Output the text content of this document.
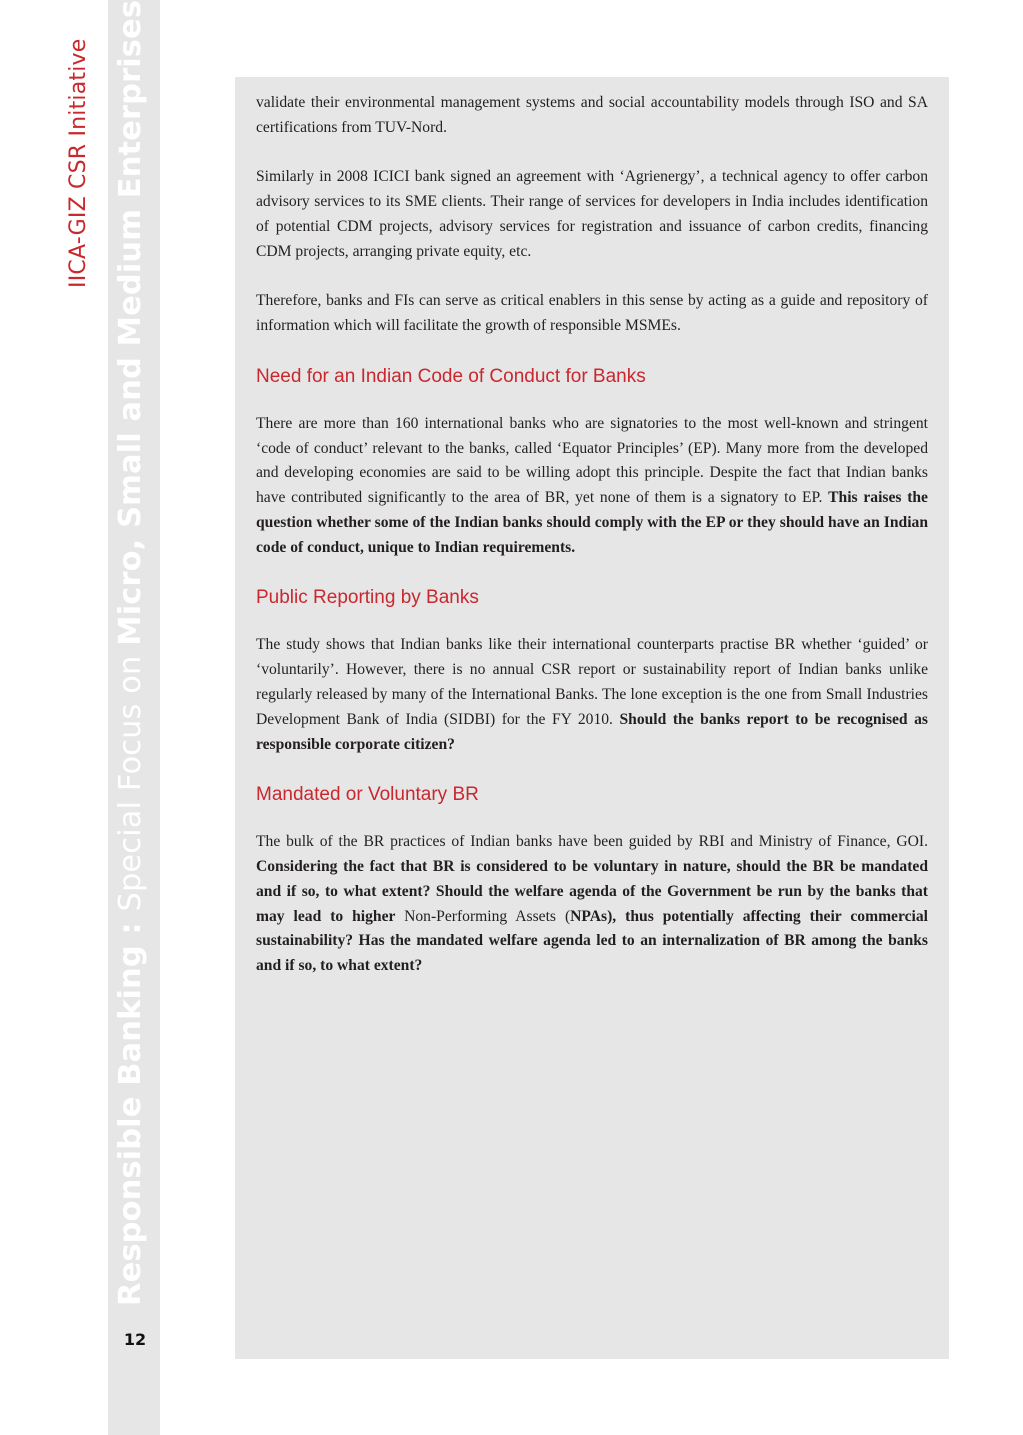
IICA-GIZ CSR Initiative
Responsible Banking : Special Focus on Micro, Small and Medium Enterprises
12

validate their environmental management systems and social accountability models through ISO and SA certifications from TUV-Nord.

Similarly in 2008 ICICI bank signed an agreement with ‘Agrienergy’, a technical agency to offer carbon advisory services to its SME clients. Their range of services for developers in India includes identification of potential CDM projects, advisory services for registration and issuance of carbon credits, financing CDM projects, arranging private equity, etc.

Therefore, banks and FIs can serve as critical enablers in this sense by acting as a guide and repository of information which will facilitate the growth of responsible MSMEs.

Need for an Indian Code of Conduct for Banks

There are more than 160 international banks who are signatories to the most well-known and stringent ‘code of conduct’ relevant to the banks, called ‘Equator Principles’ (EP). Many more from the developed and developing economies are said to be willing adopt this principle. Despite the fact that Indian banks have contributed significantly to the area of BR, yet none of them is a signatory to EP. This raises the question whether some of the Indian banks should comply with the EP or they should have an Indian code of conduct, unique to Indian requirements.

Public Reporting by Banks

The study shows that Indian banks like their international counterparts practise BR whether ‘guided’ or ‘voluntarily’. However, there is no annual CSR report or sustainability report of Indian banks unlike regularly released by many of the International Banks. The lone exception is the one from Small Industries Development Bank of India (SIDBI) for the FY 2010. Should the banks report to be recognised as responsible corporate citizen?

Mandated or Voluntary BR

The bulk of the BR practices of Indian banks have been guided by RBI and Ministry of Finance, GOI. Considering the fact that BR is considered to be voluntary in nature, should the BR be mandated and if so, to what extent? Should the welfare agenda of the Government be run by the banks that may lead to higher Non-Performing Assets (NPAs), thus potentially affecting their commercial sustainability? Has the mandated welfare agenda led to an internalization of BR among the banks and if so, to what extent?
